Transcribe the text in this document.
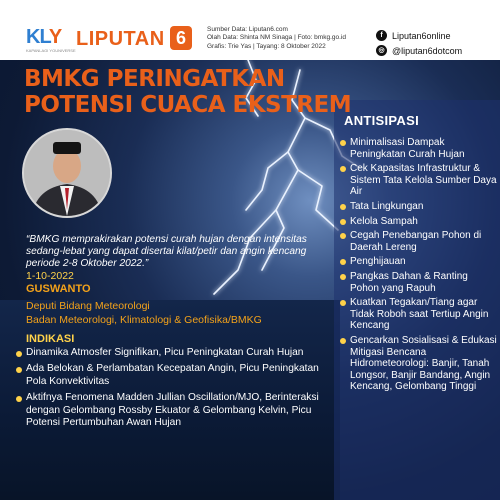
KLY
KAPANLAGI YOUNIVERSE
LIPUTAN 6	Sumber Data: Liputan6.com
Olah Data: Shinta NM Sinaga | Foto: bmkg.go.id
Grafis: Trie Yas | Tayang: 8 Oktober 2022
f	Liputan6online
◎ @liputan6dotcom
BMKG PERINGATKAN
POTENSI CUACA EKSTREM
“BMKG memprakirakan potensi curah hujan dengan intensitas sedang-lebat yang dapat disertai kilat/petir dan angin kencang periode 2-8 Oktober 2022.”
1-10-2022
GUSWANTO
Deputi Bidang Meteorologi
Badan Meteorologi, Klimatologi & Geofisika/BMKG
INDIKASI
Dinamika Atmosfer Signifikan, Picu Peningkatan Curah Hujan
Ada Belokan & Perlambatan Kecepatan Angin, Picu Peningkatan Pola Konvektivitas
Aktifnya Fenomena Madden Jullian Oscillation/MJO, Berinteraksi dengan Gelombang Rossby Ekuator & Gelombang Kelvin, Picu Potensi Pertumbuhan Awan Hujan
ANTISIPASI
Minimalisasi Dampak Peningkatan Curah Hujan
Cek Kapasitas Infrastruktur & Sistem Tata Kelola Sumber Daya Air
Tata Lingkungan
Kelola Sampah
Cegah Penebangan Pohon di Daerah Lereng
Penghijauan
Pangkas Dahan & Ranting Pohon yang Rapuh
Kuatkan Tegakan/Tiang agar Tidak Roboh saat Tertiup Angin Kencang
Gencarkan Sosialisasi & Edukasi Mitigasi Bencana Hidrometeorologi: Banjir, Tanah Longsor, Banjir Bandang, Angin Kencang, Gelombang Tinggi
